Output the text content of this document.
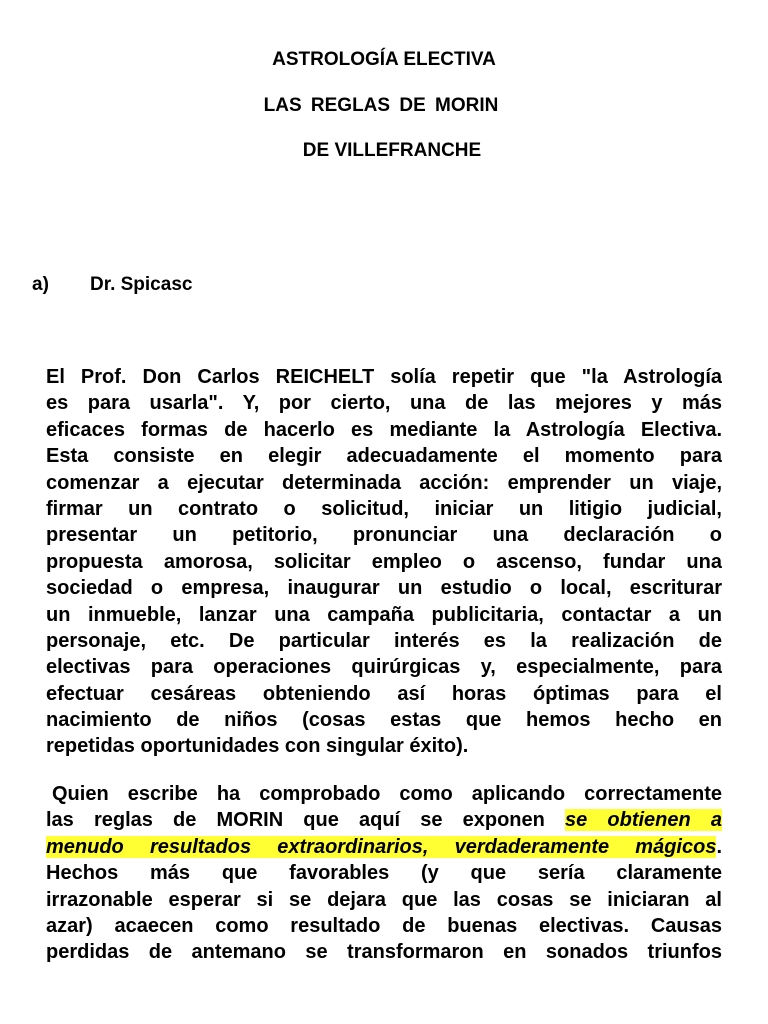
ASTROLOGÍA ELECTIVA
LAS REGLAS DE MORIN
DE VILLEFRANCHE
a) Dr. Spicasc
El Prof. Don Carlos REICHELT solía repetir que "la Astrología
es para usarla". Y, por cierto, una de las mejores y más
eficaces formas de hacerlo es mediante la Astrología Electiva.
Esta consiste en elegir adecuadamente el momento para
comenzar a ejecutar determinada acción: emprender un viaje,
firmar un contrato o solicitud, iniciar un litigio judicial,
presentar un petitorio, pronunciar una declaración o
propuesta amorosa, solicitar empleo o ascenso, fundar una
sociedad o empresa, inaugurar un estudio o local, escriturar
un inmueble, lanzar una campaña publicitaria, contactar a un
personaje, etc. De particular interés es la realización de
electivas para operaciones quirúrgicas y, especialmente, para
efectuar cesáreas obteniendo así horas óptimas para el
nacimiento de niños (cosas estas que hemos hecho en
repetidas oportunidades con singular éxito).
Quien escribe ha comprobado como aplicando correctamente
las reglas de MORIN que aquí se exponen se obtienen a
menudo resultados extraordinarios, verdaderamente mágicos.
Hechos más que favorables (y que sería claramente
irrazonable esperar si se dejara que las cosas se iniciaran al
azar) acaecen como resultado de buenas electivas. Causas
perdidas de antemano se transformaron en sonados triunfos
